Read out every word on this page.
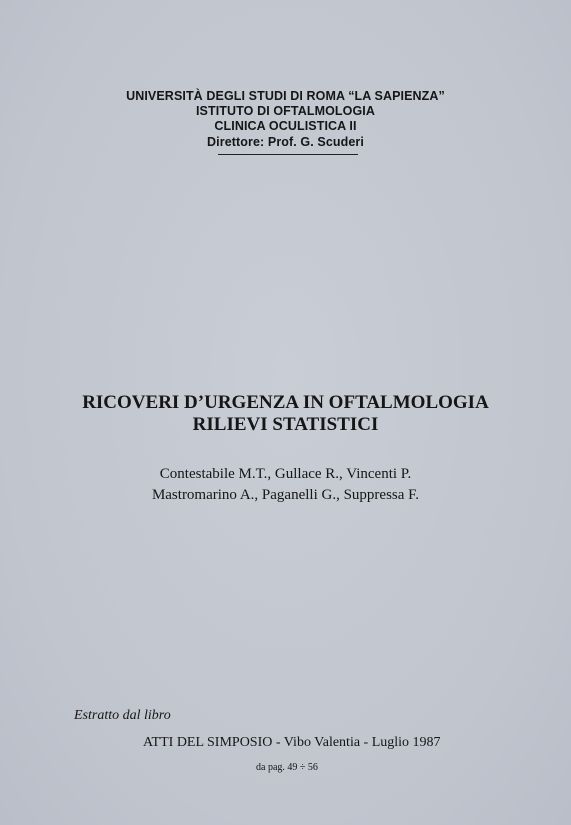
UNIVERSITÀ DEGLI STUDI DI ROMA “LA SAPIENZA”
ISTITUTO DI OFTALMOLOGIA
CLINICA OCULISTICA II
Direttore: Prof. G. Scuderi
RICOVERI D’URGENZA IN OFTALMOLOGIA
RILIEVI STATISTICI
Contestabile M.T., Gullace R., Vincenti P.
Mastromarino A., Paganelli G., Suppressa F.
Estratto dal libro
ATTI DEL SIMPOSIO - Vibo Valentia - Luglio 1987
da pag. 49 ÷ 56
